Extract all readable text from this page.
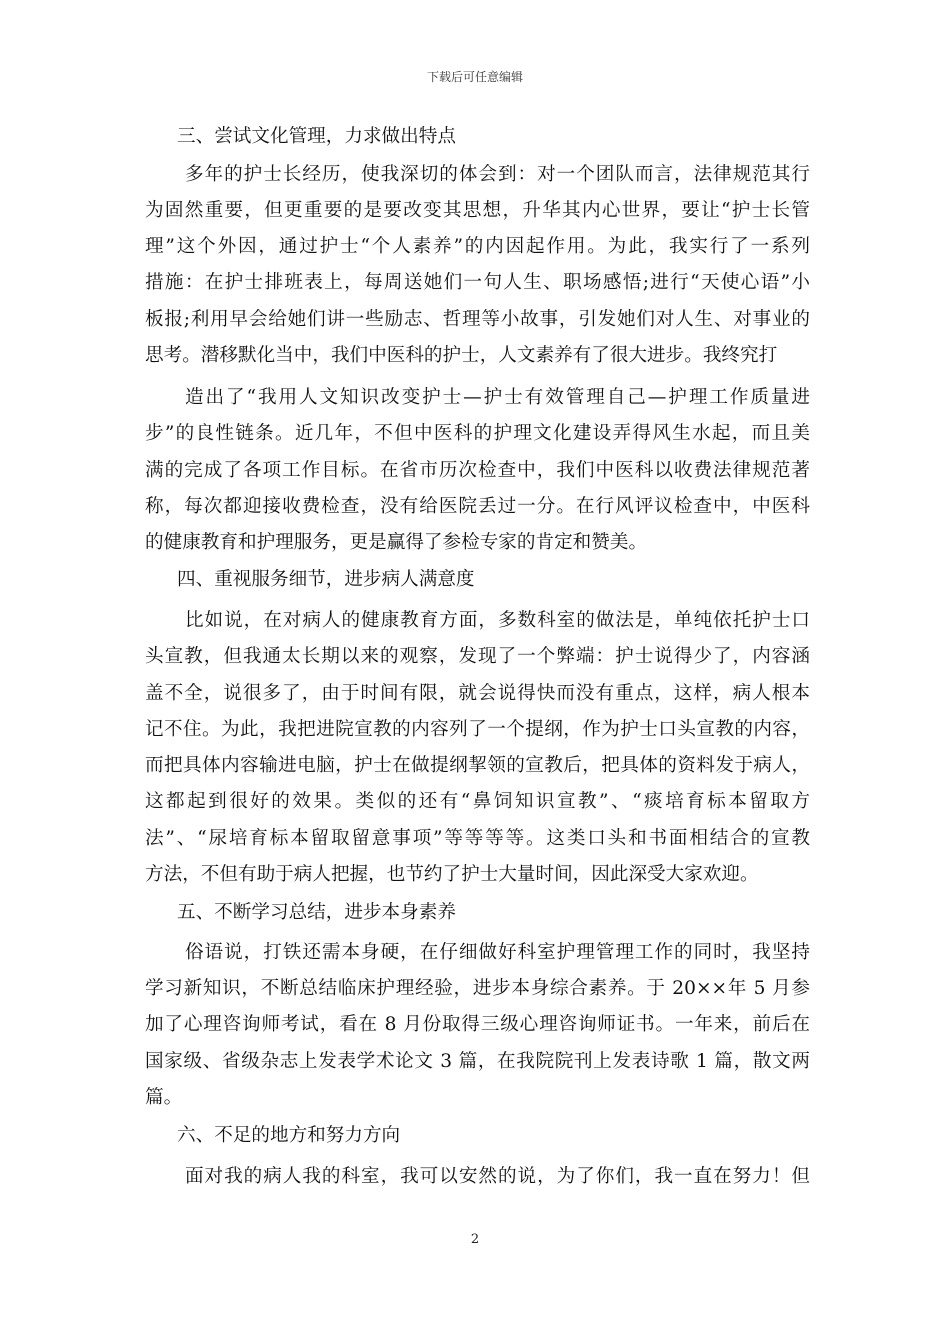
下载后可任意编辑
三、尝试文化管理，力求做出特点
多年的护士长经历，使我深切的体会到：对一个团队而言，法律规范其行
为固然重要，但更重要的是要改变其思想，升华其内心世界，要让“护士长管
理”这个外因，通过护士“个人素养”的内因起作用。为此，我实行了一系列
措施：在护士排班表上，每周送她们一句人生、职场感悟;进行“天使心语”小
板报;利用早会给她们讲一些励志、哲理等小故事，引发她们对人生、对事业的
思考。潜移默化当中，我们中医科的护士，人文素养有了很大进步。我终究打
造出了“我用人文知识改变护士—护士有效管理自己—护理工作质量进
步”的良性链条。近几年，不但中医科的护理文化建设弄得风生水起，而且美
满的完成了各项工作目标。在省市历次检查中，我们中医科以收费法律规范著
称，每次都迎接收费检查，没有给医院丢过一分。在行风评议检查中，中医科
的健康教育和护理服务，更是赢得了参检专家的肯定和赞美。
四、重视服务细节，进步病人满意度
比如说，在对病人的健康教育方面，多数科室的做法是，单纯依托护士口
头宣教，但我通太长期以来的观察，发现了一个弊端：护士说得少了，内容涵
盖不全，说很多了，由于时间有限，就会说得快而没有重点，这样，病人根本
记不住。为此，我把进院宣教的内容列了一个提纲，作为护士口头宣教的内容，
而把具体内容输进电脑，护士在做提纲挈领的宣教后，把具体的资料发于病人，
这都起到很好的效果。类似的还有“鼻饲知识宣教”、“痰培育标本留取方
法”、“尿培育标本留取留意事项”等等等等。这类口头和书面相结合的宣教
方法，不但有助于病人把握，也节约了护士大量时间，因此深受大家欢迎。
五、不断学习总结，进步本身素养
俗语说，打铁还需本身硬，在仔细做好科室护理管理工作的同时，我坚持
学习新知识，不断总结临床护理经验，进步本身综合素养。于 20××年 5 月参
加了心理咨询师考试，看在 8 月份取得三级心理咨询师证书。一年来，前后在
国家级、省级杂志上发表学术论文 3 篇，在我院院刊上发表诗歌 1 篇，散文两
篇。
六、不足的地方和努力方向
面对我的病人我的科室，我可以安然的说，为了你们，我一直在努力！但
2
